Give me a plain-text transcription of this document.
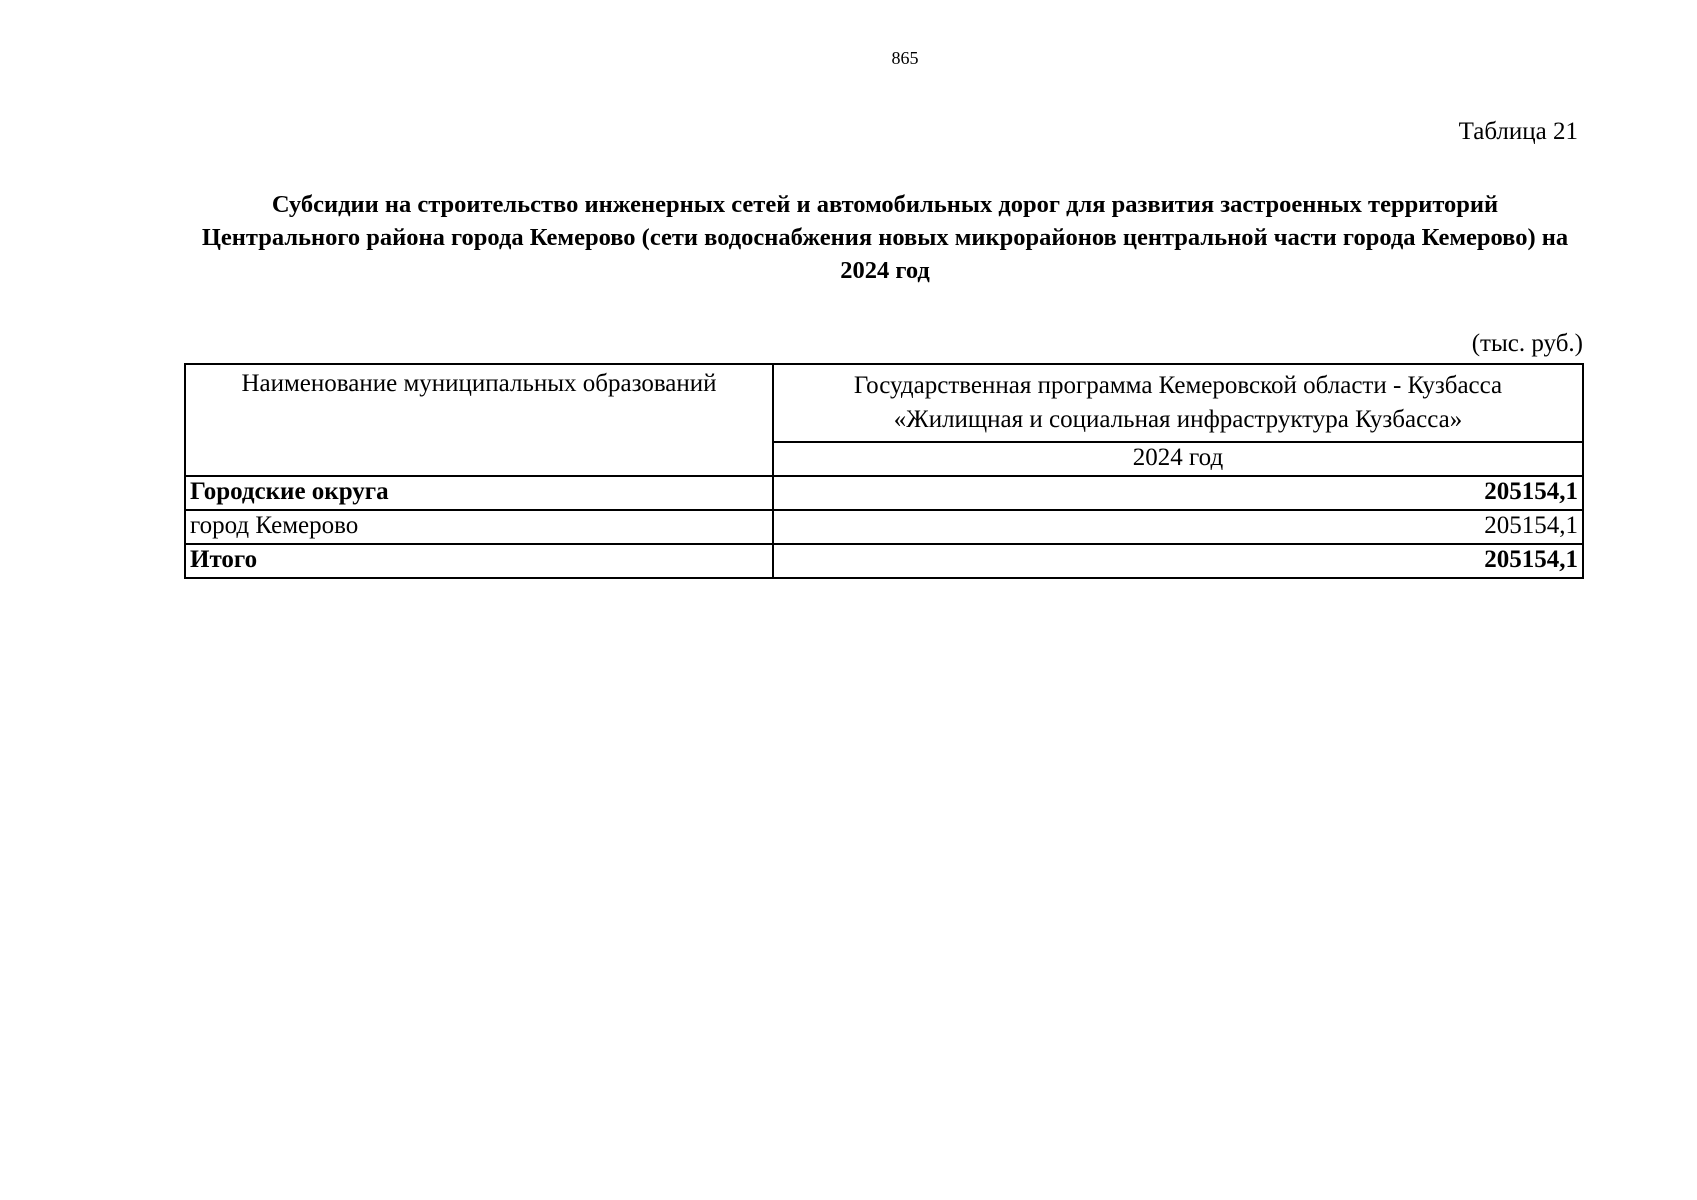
865
Таблица 21
Субсидии на строительство инженерных сетей и автомобильных дорог для развития застроенных территорий Центрального района города Кемерово (сети водоснабжения новых микрорайонов центральной части города Кемерово) на 2024 год
(тыс. руб.)
Наименование муниципальных образований	Государственная программа Кемеровской области - Кузбасса
«Жилищная и социальная инфраструктура Кузбасса»

	2024 год
Городские округа	205154,1
город Кемерово	205154,1
Итого	205154,1
